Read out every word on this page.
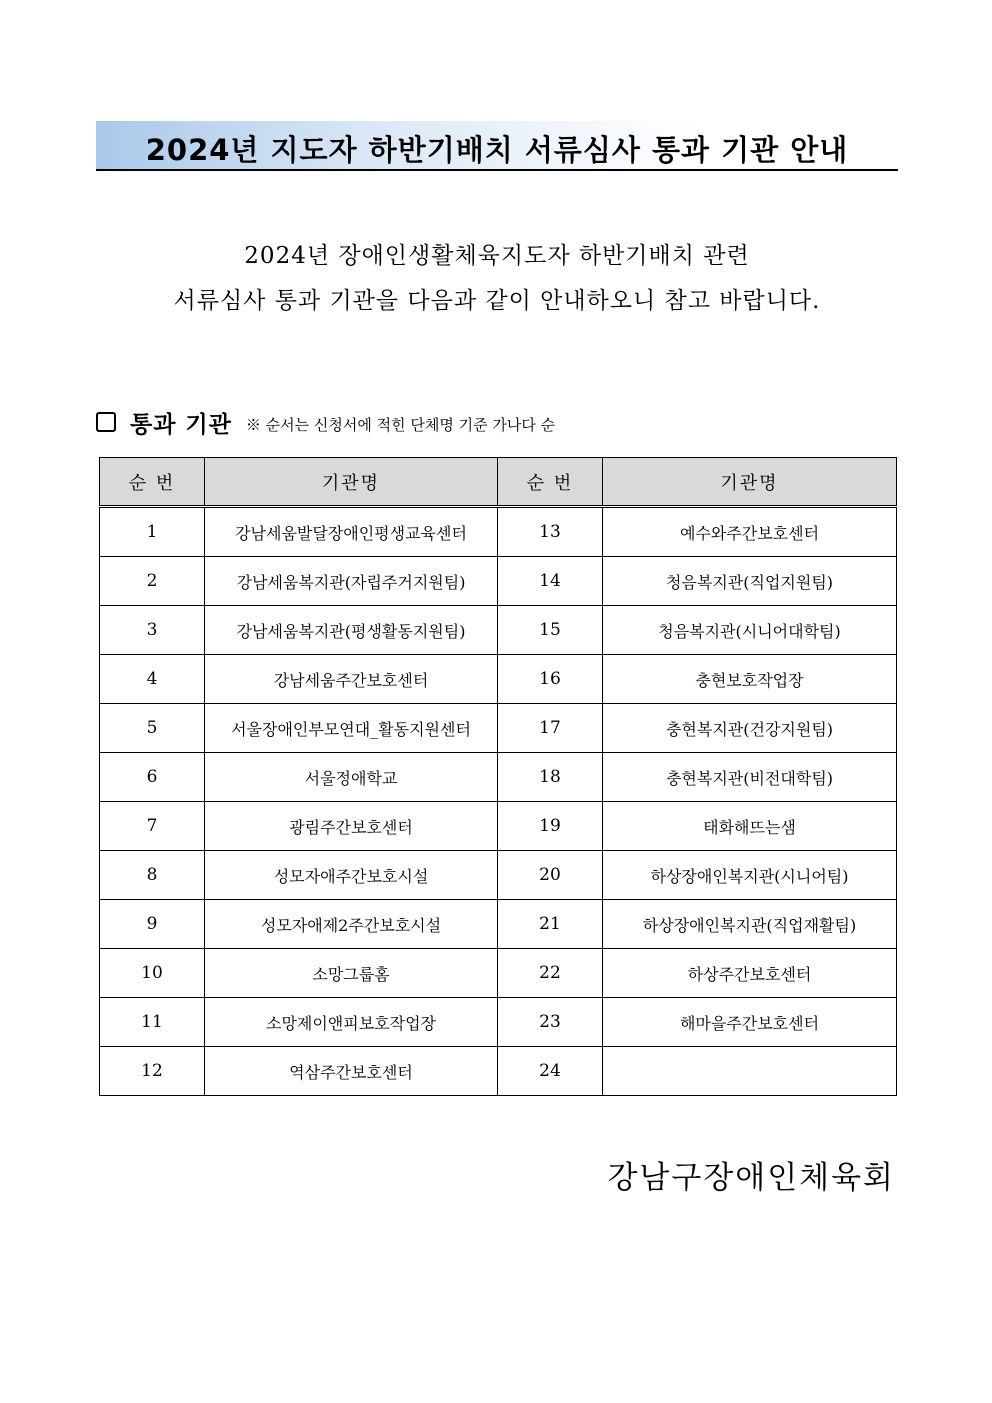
2024년 지도자 하반기배치 서류심사 통과 기관 안내
2024년 장애인생활체육지도자 하반기배치 관련
서류심사 통과 기관을 다음과 같이 안내하오니 참고 바랍니다.
통과 기관 ※ 순서는 신청서에 적힌 단체명 기준 가나다 순
순 번	기관명	순 번	기관명
1	강남세움발달장애인평생교육센터	13	예수와주간보호센터
2	강남세움복지관(자립주거지원팀)	14	청음복지관(직업지원팀)
3	강남세움복지관(평생활동지원팀)	15	청음복지관(시니어대학팀)
4	강남세움주간보호센터	16	충현보호작업장
5	서울장애인부모연대_활동지원센터	17	충현복지관(건강지원팀)
6	서울정애학교	18	충현복지관(비전대학팀)
7	광림주간보호센터	19	태화해뜨는샘
8	성모자애주간보호시설	20	하상장애인복지관(시니어팀)
9	성모자애제2주간보호시설	21	하상장애인복지관(직업재활팀)
10	소망그룹홈	22	하상주간보호센터
11	소망제이앤피보호작업장	23	해마을주간보호센터
12	역삼주간보호센터	24	
강남구장애인체육회
